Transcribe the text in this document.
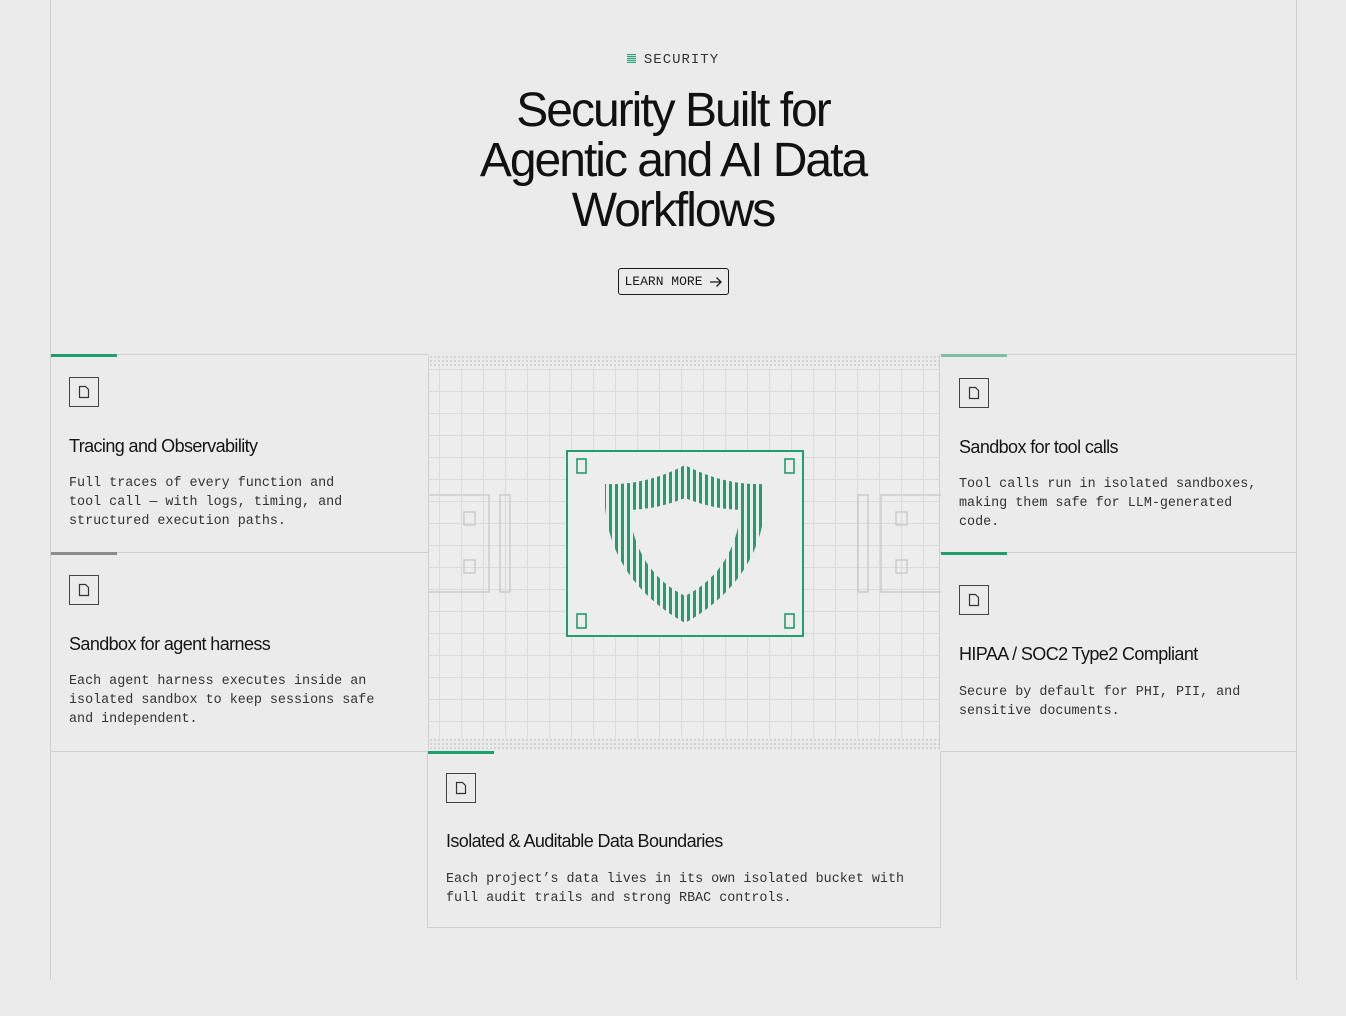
SECURITY
Security Built for
Agentic and AI Data
Workflows
LEARN MORE
Tracing and Observability

Full traces of every function and tool call — with logs, timing, and structured execution paths.

Sandbox for agent harness

Each agent harness executes inside an isolated sandbox to keep sessions safe and independent.

Sandbox for tool calls

Tool calls run in isolated sandboxes, making them safe for LLM-generated code.

HIPAA / SOC2 Type2 Compliant

Secure by default for PHI, PII, and sensitive documents.

Isolated & Auditable Data Boundaries

Each project’s data lives in its own isolated bucket with full audit trails and strong RBAC controls.
